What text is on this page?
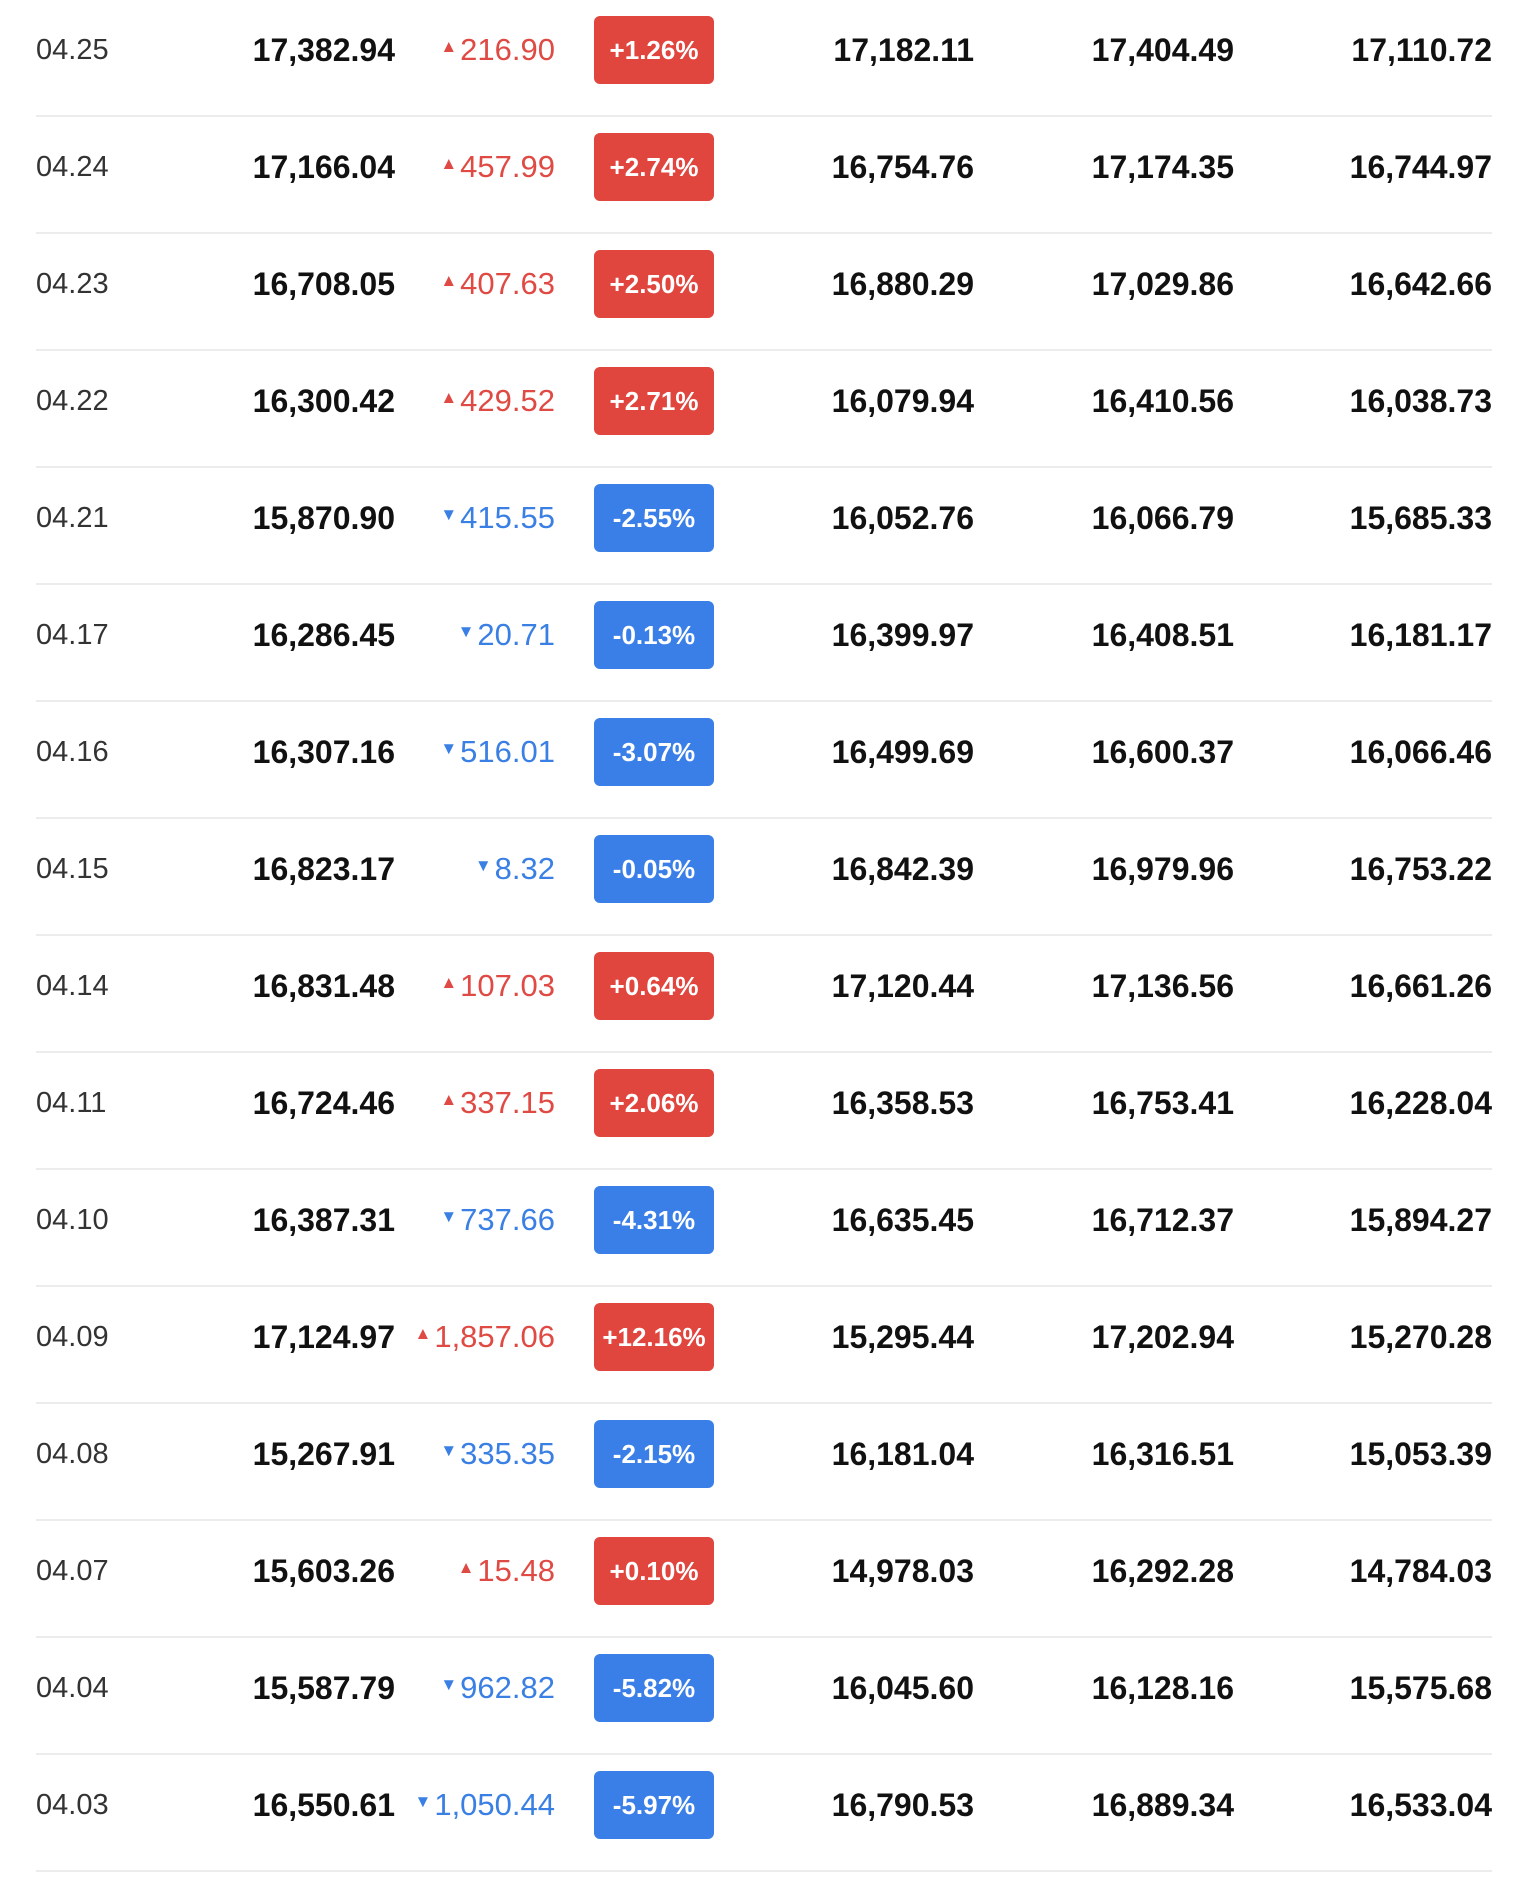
04.25	17,382.94	▲216.90	+1.26%	17,182.11	17,404.49	17,110.72
04.24	17,166.04	▲457.99	+2.74%	16,754.76	17,174.35	16,744.97
04.23	16,708.05	▲407.63	+2.50%	16,880.29	17,029.86	16,642.66
04.22	16,300.42	▲429.52	+2.71%	16,079.94	16,410.56	16,038.73
04.21	15,870.90	▼415.55	-2.55%	16,052.76	16,066.79	15,685.33
04.17	16,286.45	▼20.71	-0.13%	16,399.97	16,408.51	16,181.17
04.16	16,307.16	▼516.01	-3.07%	16,499.69	16,600.37	16,066.46
04.15	16,823.17	▼8.32	-0.05%	16,842.39	16,979.96	16,753.22
04.14	16,831.48	▲107.03	+0.64%	17,120.44	17,136.56	16,661.26
04.11	16,724.46	▲337.15	+2.06%	16,358.53	16,753.41	16,228.04
04.10	16,387.31	▼737.66	-4.31%	16,635.45	16,712.37	15,894.27
04.09	17,124.97 ▲1,857.06	+12.16%	15,295.44	17,202.94	15,270.28
04.08	15,267.91	▼335.35	-2.15%	16,181.04	16,316.51	15,053.39
04.07	15,603.26	▲15.48	+0.10%	14,978.03	16,292.28	14,784.03
04.04	15,587.79	▼962.82	-5.82%	16,045.60	16,128.16	15,575.68
04.03	16,550.61 ▼1,050.44	-5.97%	16,790.53	16,889.34	16,533.04
